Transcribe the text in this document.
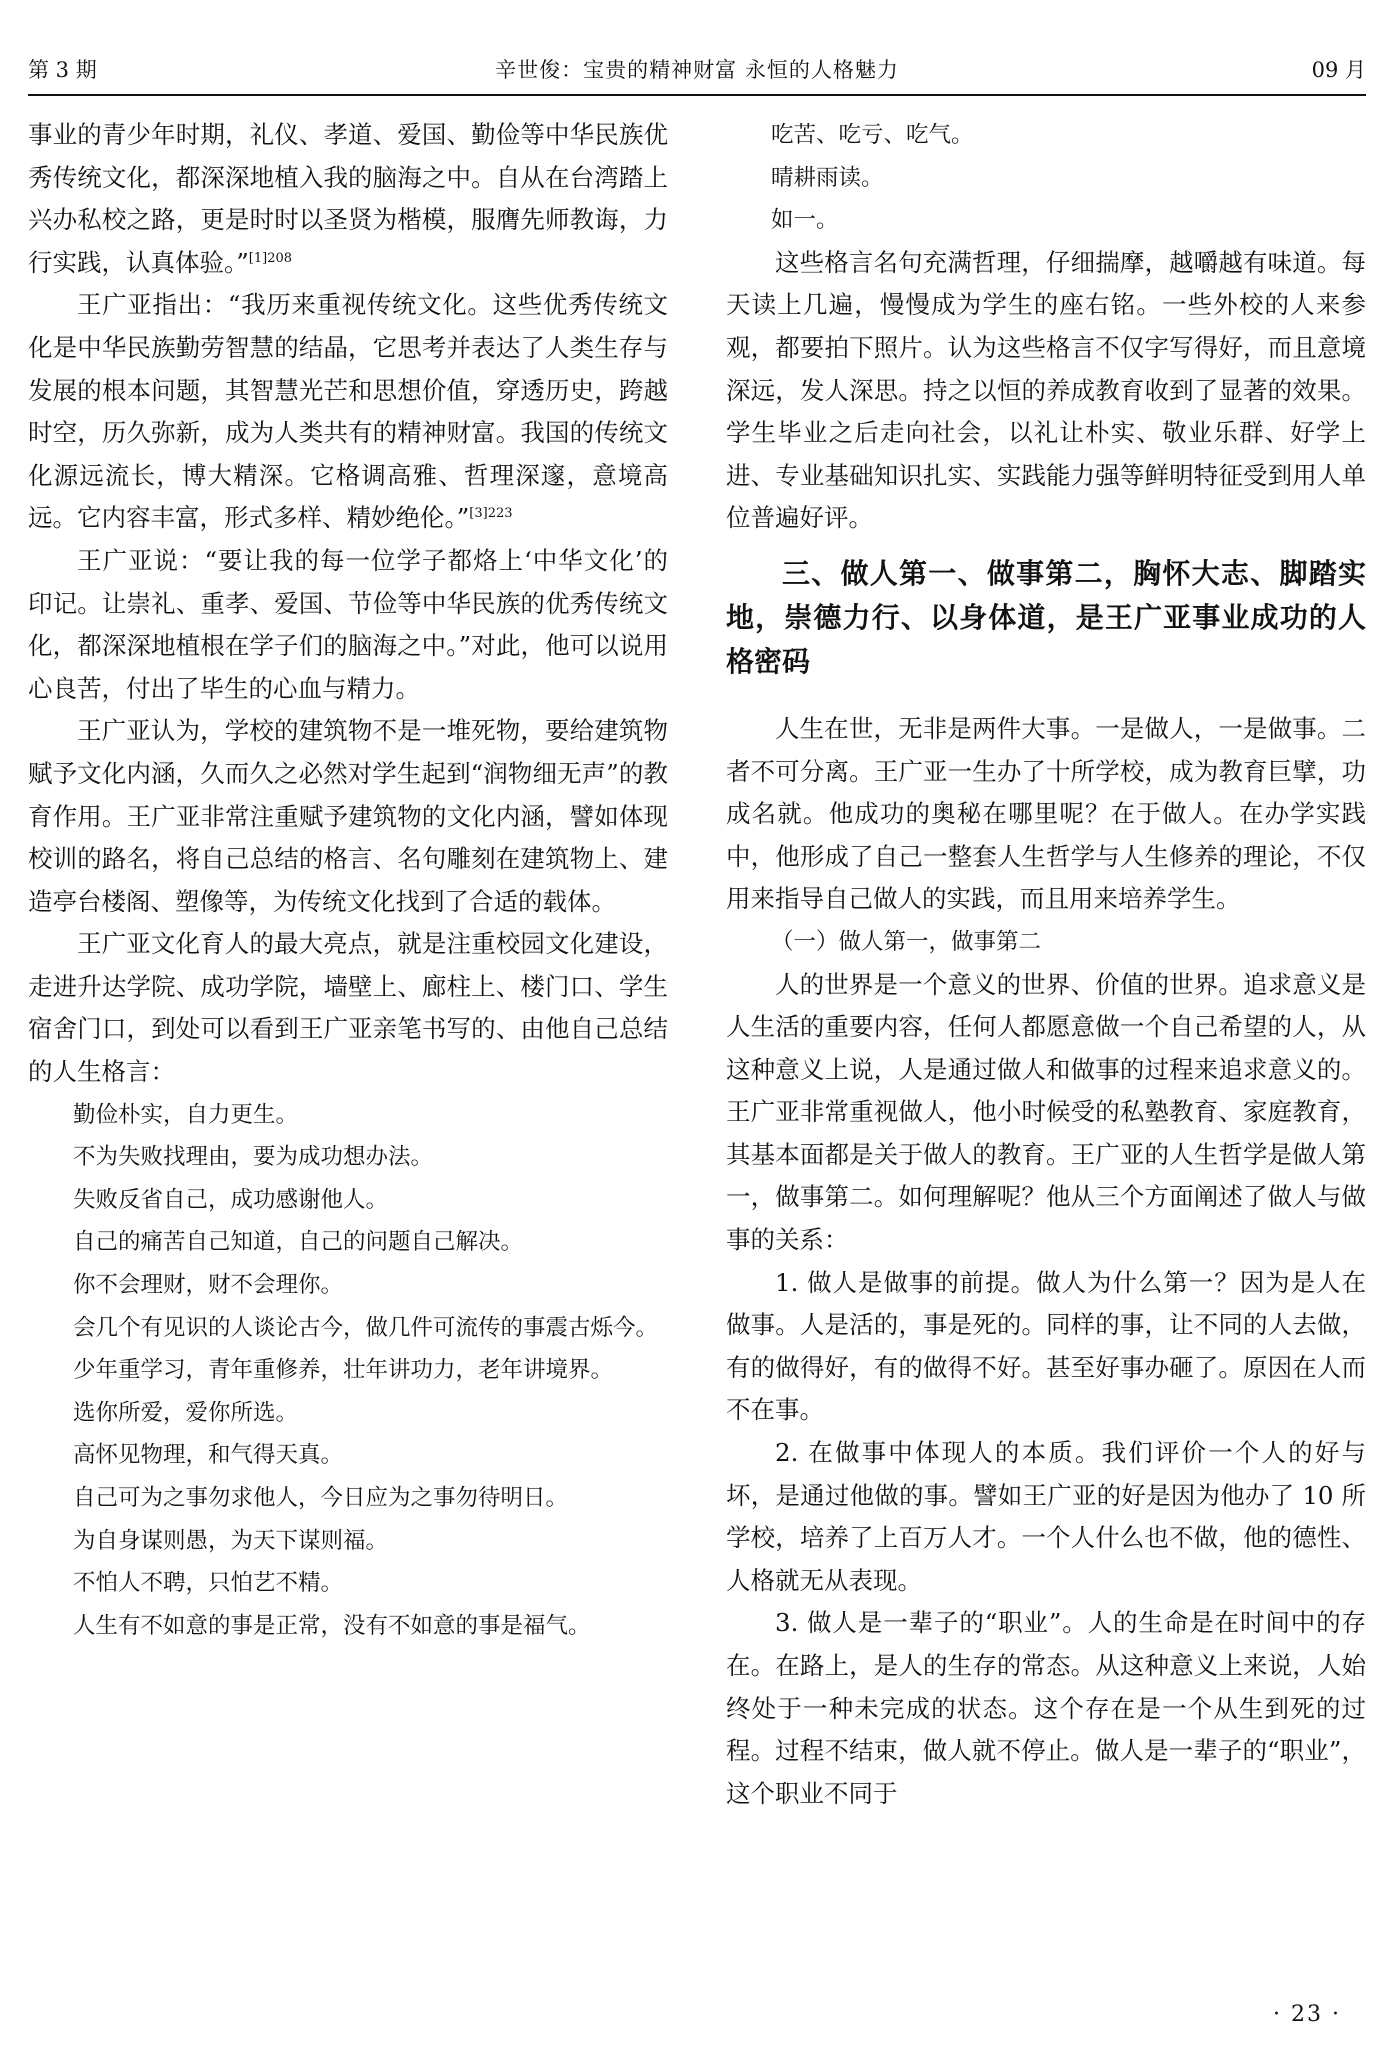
第 3 期	辛世俊：宝贵的精神财富 永恒的人格魅力	09 月

事业的青少年时期，礼仪、孝道、爱国、勤俭等中华民族优秀传统文化，都深深地植入我的脑海之中。自从在台湾踏上兴办私校之路，更是时时以圣贤为楷模，服膺先师教诲，力行实践，认真体验。”$^{[1]208}$

王广亚指出：“我历来重视传统文化。这些优秀传统文化是中华民族勤劳智慧的结晶，它思考并表达了人类生存与发展的根本问题，其智慧光芒和思想价值，穿透历史，跨越时空，历久弥新，成为人类共有的精神财富。我国的传统文化源远流长，博大精深。它格调高雅、哲理深邃，意境高远。它内容丰富，形式多样、精妙绝伦。”$^{[3]223}$

王广亚说：“要让我的每一位学子都烙上‘中华文化’的印记。让崇礼、重孝、爱国、节俭等中华民族的优秀传统文化，都深深地植根在学子们的脑海之中。”对此，他可以说用心良苦，付出了毕生的心血与精力。

王广亚认为，学校的建筑物不是一堆死物，要给建筑物赋予文化内涵，久而久之必然对学生起到“润物细无声”的教育作用。王广亚非常注重赋予建筑物的文化内涵，譬如体现校训的路名，将自己总结的格言、名句雕刻在建筑物上、建造亭台楼阁、塑像等，为传统文化找到了合适的载体。

王广亚文化育人的最大亮点，就是注重校园文化建设，走进升达学院、成功学院，墙壁上、廊柱上、楼门口、学生宿舍门口，到处可以看到王广亚亲笔书写的、由他自己总结的人生格言：

勤俭朴实，自力更生。

不为失败找理由，要为成功想办法。

失败反省自己，成功感谢他人。

自己的痛苦自己知道，自己的问题自己解决。

你不会理财，财不会理你。

会几个有见识的人谈论古今，做几件可流传的事震古烁今。

少年重学习，青年重修养，壮年讲功力，老年讲境界。

选你所爱，爱你所选。

高怀见物理，和气得天真。

自己可为之事勿求他人，今日应为之事勿待明日。

为自身谋则愚，为天下谋则福。

不怕人不聘，只怕艺不精。

人生有不如意的事是正常，没有不如意的事是福气。

吃苦、吃亏、吃气。

晴耕雨读。

如一。

这些格言名句充满哲理，仔细揣摩，越嚼越有味道。每天读上几遍，慢慢成为学生的座右铭。一些外校的人来参观，都要拍下照片。认为这些格言不仅字写得好，而且意境深远，发人深思。持之以恒的养成教育收到了显著的效果。学生毕业之后走向社会，以礼让朴实、敬业乐群、好学上进、专业基础知识扎实、实践能力强等鲜明特征受到用人单位普遍好评。

三、做人第一、做事第二，胸怀大志、脚踏实地，崇德力行、以身体道，是王广亚事业成功的人格密码

人生在世，无非是两件大事。一是做人，一是做事。二者不可分离。王广亚一生办了十所学校，成为教育巨擘，功成名就。他成功的奥秘在哪里呢？在于做人。在办学实践中，他形成了自己一整套人生哲学与人生修养的理论，不仅用来指导自己做人的实践，而且用来培养学生。

（一）做人第一，做事第二

人的世界是一个意义的世界、价值的世界。追求意义是人生活的重要内容，任何人都愿意做一个自己希望的人，从这种意义上说，人是通过做人和做事的过程来追求意义的。王广亚非常重视做人，他小时候受的私塾教育、家庭教育，其基本面都是关于做人的教育。王广亚的人生哲学是做人第一，做事第二。如何理解呢？他从三个方面阐述了做人与做事的关系：

1. 做人是做事的前提。做人为什么第一？因为是人在做事。人是活的，事是死的。同样的事，让不同的人去做，有的做得好，有的做得不好。甚至好事办砸了。原因在人而不在事。

2. 在做事中体现人的本质。我们评价一个人的好与坏，是通过他做的事。譬如王广亚的好是因为他办了 10 所学校，培养了上百万人才。一个人什么也不做，他的德性、人格就无从表现。

3. 做人是一辈子的“职业”。人的生命是在时间中的存在。在路上，是人的生存的常态。从这种意义上来说，人始终处于一种未完成的状态。这个存在是一个从生到死的过程。过程不结束，做人就不停止。做人是一辈子的“职业”，这个职业不同于

· 23 ·
